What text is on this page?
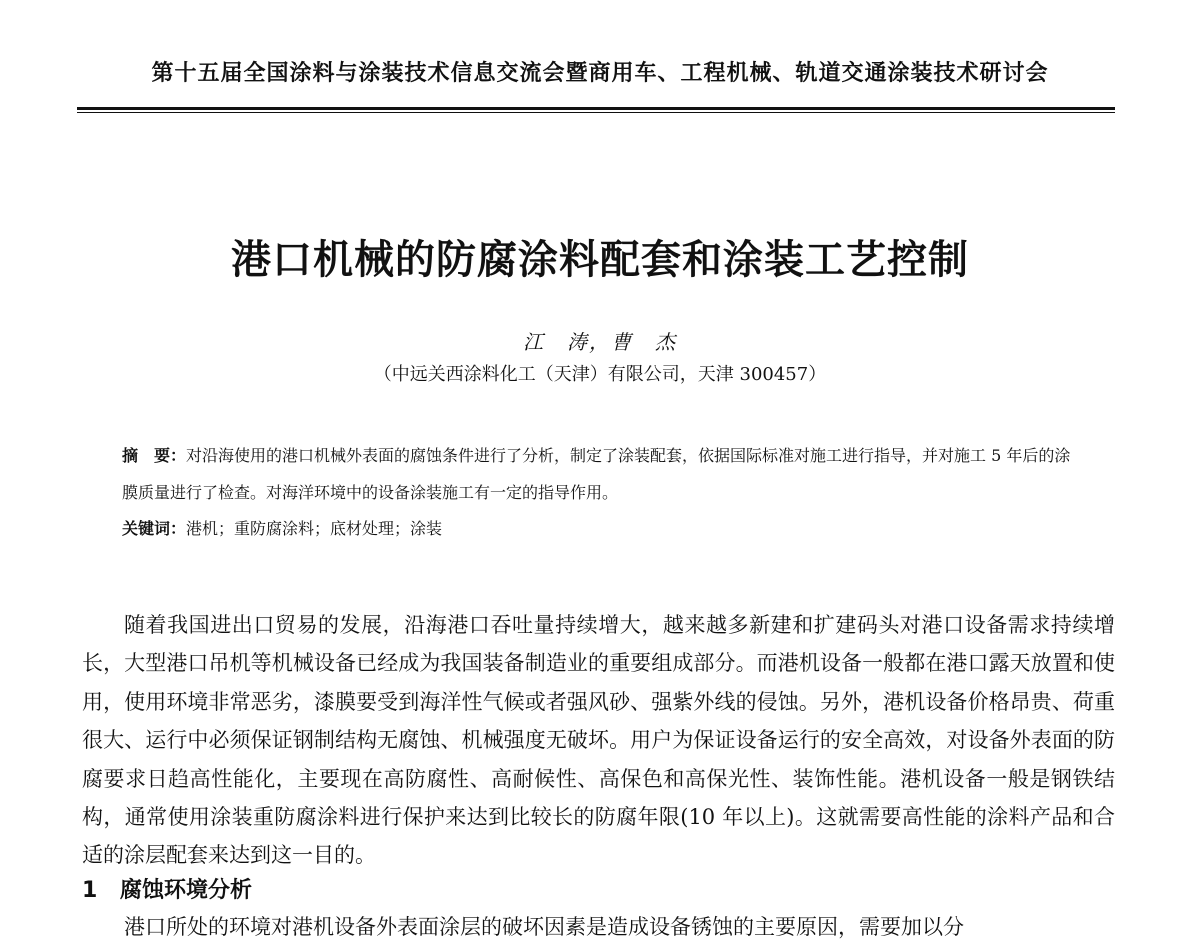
第十五届全国涂料与涂装技术信息交流会暨商用车、工程机械、轨道交通涂装技术研讨会
港口机械的防腐涂料配套和涂装工艺控制
江　涛，曹　杰
（中远关西涂料化工（天津）有限公司，天津 300457）
摘　要：对沿海使用的港口机械外表面的腐蚀条件进行了分析，制定了涂装配套，依据国际标准对施工进行指导，并对施工 5 年后的涂膜质量进行了检查。对海洋环境中的设备涂装施工有一定的指导作用。
关键词：港机；重防腐涂料；底材处理；涂装

随着我国进出口贸易的发展，沿海港口吞吐量持续增大，越来越多新建和扩建码头对港口设备需求持续增长，大型港口吊机等机械设备已经成为我国装备制造业的重要组成部分。而港机设备一般都在港口露天放置和使用，使用环境非常恶劣，漆膜要受到海洋性气候或者强风砂、强紫外线的侵蚀。另外，港机设备价格昂贵、荷重很大、运行中必须保证钢制结构无腐蚀、机械强度无破坏。用户为保证设备运行的安全高效，对设备外表面的防腐要求日趋高性能化，主要现在高防腐性、高耐候性、高保色和高保光性、装饰性能。港机设备一般是钢铁结构，通常使用涂装重防腐涂料进行保护来达到比较长的防腐年限(10 年以上)。这就需要高性能的涂料产品和合适的涂层配套来达到这一目的。

1 腐蚀环境分析

港口所处的环境对港机设备外表面涂层的破坏因素是造成设备锈蚀的主要原因，需要加以分
